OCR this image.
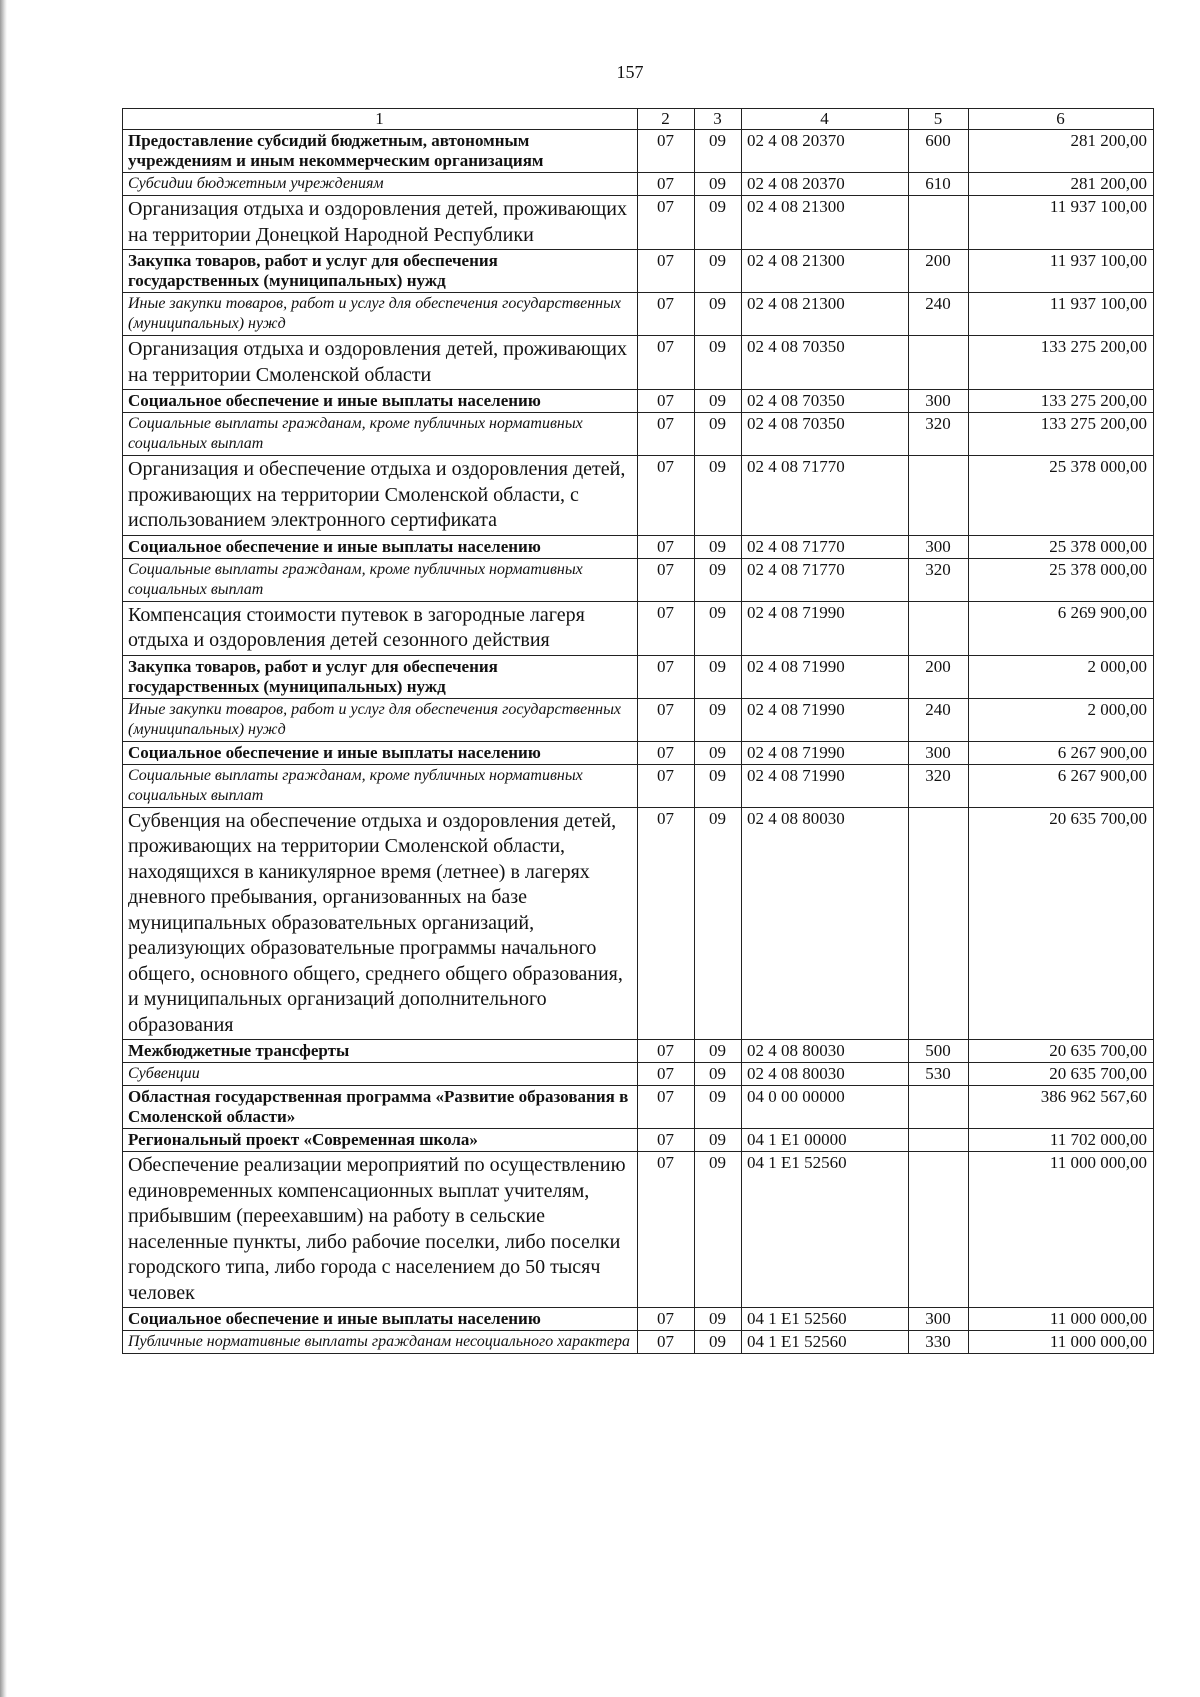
157
1	2	3	4	5	6
Предоставление субсидий бюджетным, автономным учреждениям и иным некоммерческим организациям	07	09	02 4 08 20370	600	281 200,00
Субсидии бюджетным учреждениям	07	09	02 4 08 20370	610	281 200,00
Организация отдыха и оздоровления детей, проживающих на территории Донецкой Народной Республики	07	09	02 4 08 21300		11 937 100,00
Закупка товаров, работ и услуг для обеспечения государственных (муниципальных) нужд	07	09	02 4 08 21300	200	11 937 100,00
Иные закупки товаров, работ и услуг для обеспечения государственных (муниципальных) нужд	07	09	02 4 08 21300	240	11 937 100,00
Организация отдыха и оздоровления детей, проживающих на территории Смоленской области	07	09	02 4 08 70350		133 275 200,00
Социальное обеспечение и иные выплаты населению	07	09	02 4 08 70350	300	133 275 200,00
Социальные выплаты гражданам, кроме публичных нормативных социальных выплат	07	09	02 4 08 70350	320	133 275 200,00
Организация и обеспечение отдыха и оздоровления детей, проживающих на территории Смоленской области, с использованием электронного сертификата	07	09	02 4 08 71770		25 378 000,00
Социальное обеспечение и иные выплаты населению	07	09	02 4 08 71770	300	25 378 000,00
Социальные выплаты гражданам, кроме публичных нормативных социальных выплат	07	09	02 4 08 71770	320	25 378 000,00
Компенсация стоимости путевок в загородные лагеря отдыха и оздоровления детей сезонного действия	07	09	02 4 08 71990		6 269 900,00
Закупка товаров, работ и услуг для обеспечения государственных (муниципальных) нужд	07	09	02 4 08 71990	200	2 000,00
Иные закупки товаров, работ и услуг для обеспечения государственных (муниципальных) нужд	07	09	02 4 08 71990	240	2 000,00
Социальное обеспечение и иные выплаты населению	07	09	02 4 08 71990	300	6 267 900,00
Социальные выплаты гражданам, кроме публичных нормативных социальных выплат	07	09	02 4 08 71990	320	6 267 900,00
Субвенция на обеспечение отдыха и оздоровления детей, проживающих на территории Смоленской области, находящихся в каникулярное время (летнее) в лагерях дневного пребывания, организованных на базе муниципальных образовательных организаций, реализующих образовательные программы начального общего, основного общего, среднего общего образования, и муниципальных организаций дополнительного образования	07	09	02 4 08 80030		20 635 700,00
Межбюджетные трансферты	07	09	02 4 08 80030	500	20 635 700,00
Субвенции	07	09	02 4 08 80030	530	20 635 700,00
Областная государственная программа «Развитие образования в Смоленской области»	07	09	04 0 00 00000		386 962 567,60
Региональный проект «Современная школа»	07	09	04 1 E1 00000		11 702 000,00
Обеспечение реализации мероприятий по осуществлению единовременных компенсационных выплат учителям, прибывшим (переехавшим) на работу в сельские населенные пункты, либо рабочие поселки, либо поселки городского типа, либо города с населением до 50 тысяч человек	07	09	04 1 E1 52560		11 000 000,00
Социальное обеспечение и иные выплаты населению	07	09	04 1 E1 52560	300	11 000 000,00
Публичные нормативные выплаты гражданам несоциального характера	07	09	04 1 E1 52560	330	11 000 000,00
